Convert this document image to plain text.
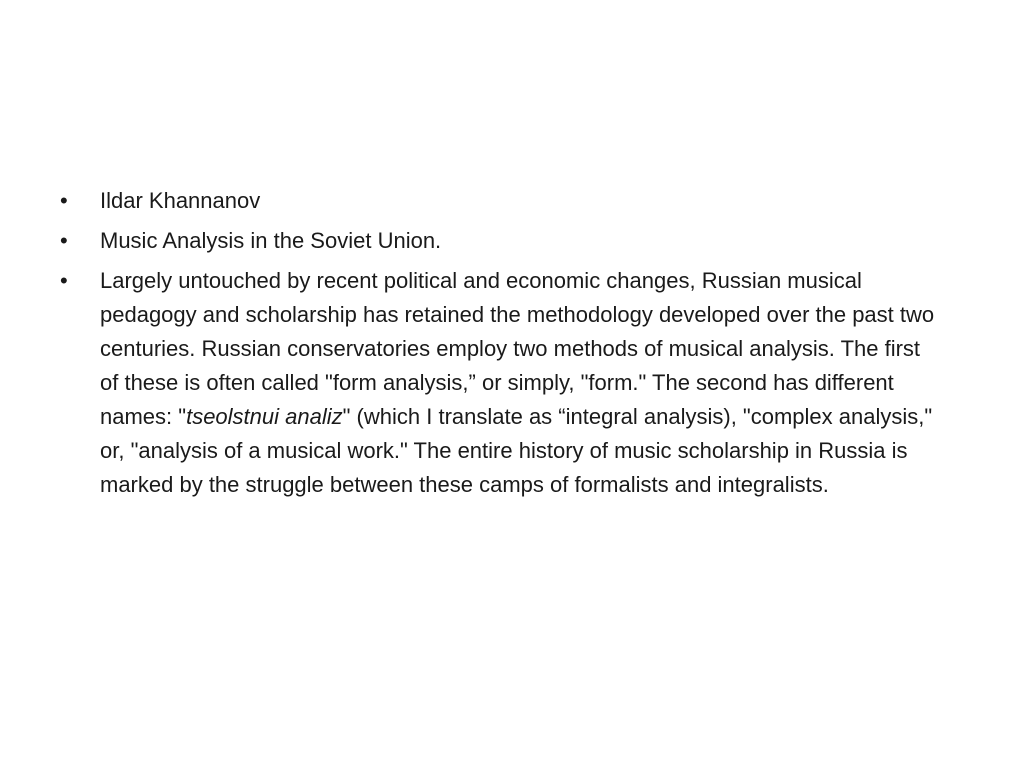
•	Ildar Khannanov
•	Music Analysis in the Soviet Union.
•	Largely untouched by recent political and economic changes, Russian musical pedagogy and scholarship has retained the methodology developed over the past two centuries. Russian conservatories employ two methods of musical analysis. The first of these is often called "form analysis,” or simply, "form." The second has different names: "tseolstnui analiz" (which I translate as “integral analysis), "complex analysis," or, "analysis of a musical work." The entire history of music scholarship in Russia is marked by the struggle between these camps of formalists and integralists.
